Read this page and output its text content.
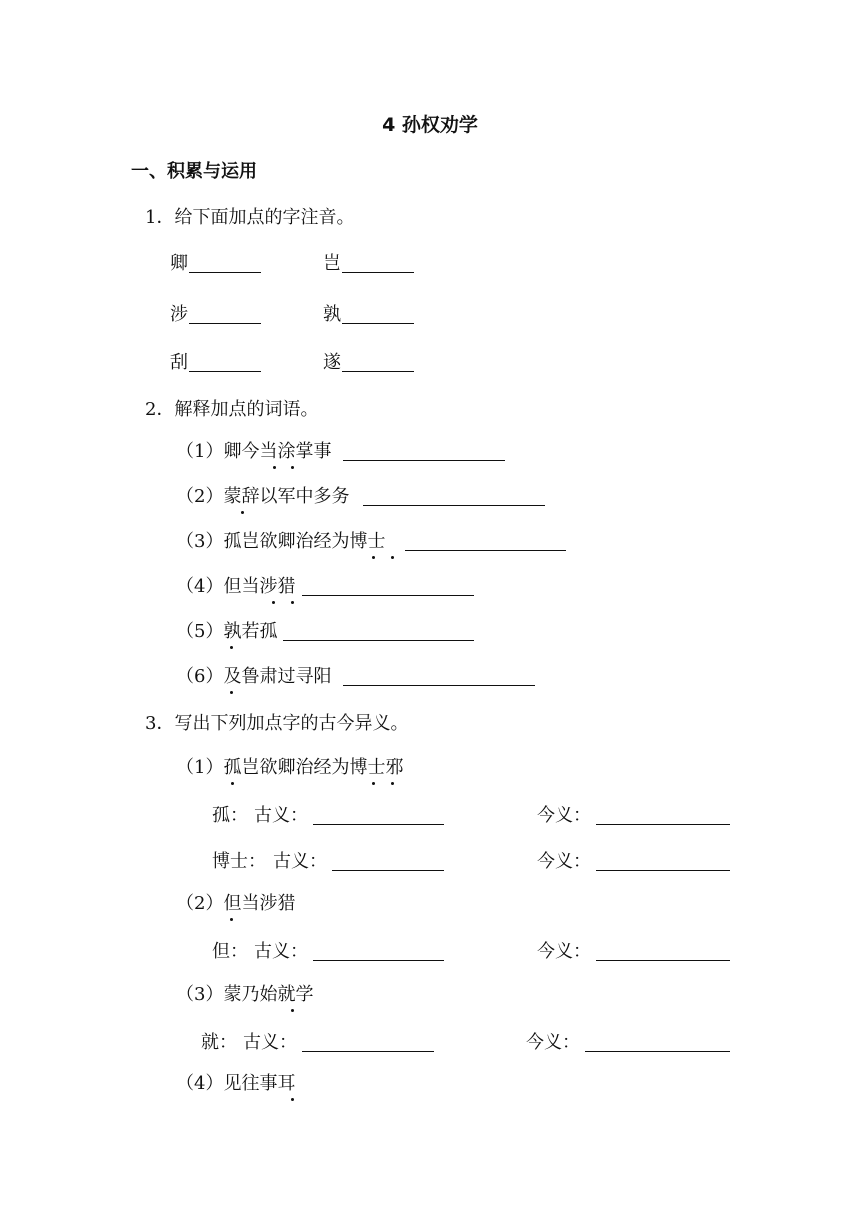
4 孙权劝学
一、积累与运用
1．给下面加点的字注音。
卿	岂
涉	孰
刮	遂
2．解释加点的词语。
（1）卿今当涂掌事
（2）蒙辞以军中多务
（3）孤岂欲卿治经为博士
（4）但当涉猎
（5）孰若孤
（6）及鲁肃过寻阳
3．写出下列加点字的古今异义。
（1）孤岂欲卿治经为博士邪
孤： 古义：	今义：
博士： 古义：	今义：
（2）但当涉猎
但： 古义：	今义：
（3）蒙乃始就学
就： 古义：	今义：
（4）见往事耳
